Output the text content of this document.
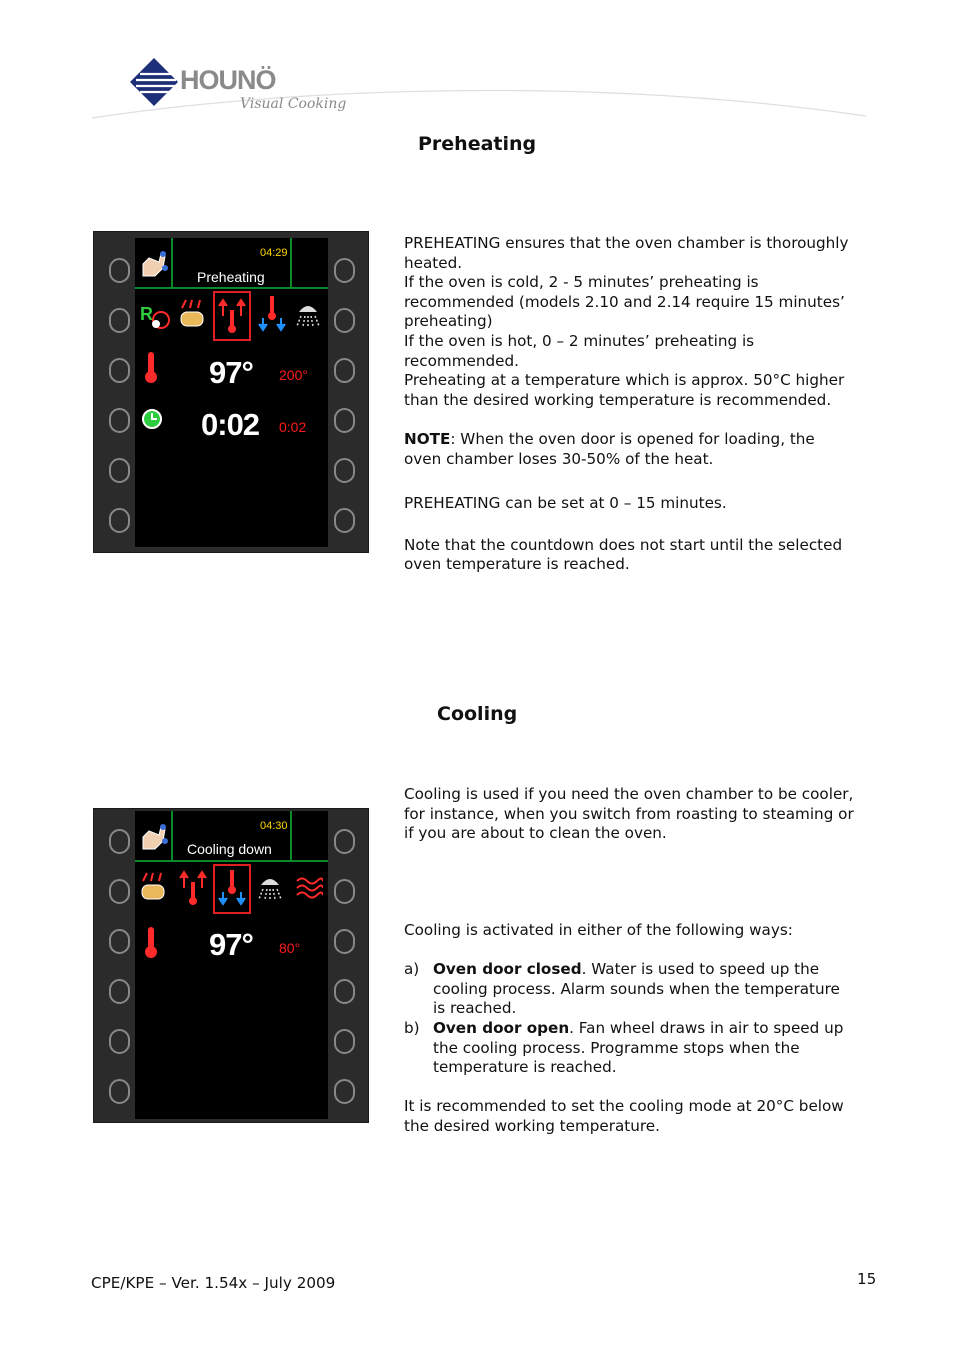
HOUNÖ
Visual Cooking
Preheating
04:29
Preheating
R
97° 200°
0:02 0:02

PREHEATING ensures that the oven chamber is thoroughly heated.

If the oven is cold, 2 - 5 minutes’ preheating is recommended (models 2.10 and 2.14 require 15 minutes’ preheating)

If the oven is hot, 0 – 2 minutes’ preheating is recommended.

Preheating at a temperature which is approx. 50°C higher than the desired working temperature is recommended.

NOTE: When the oven door is opened for loading, the oven chamber loses 30-50% of the heat.

PREHEATING can be set at 0 – 15 minutes.

Note that the countdown does not start until the selected oven temperature is reached.

Cooling
04:30
Cooling down
97° 80°
Cooling is used if you need the oven chamber to be cooler, for instance, when you switch from roasting to steaming or if you are about to clean the oven.

Cooling is activated in either of the following ways:

a) Oven door closed. Water is used to speed up the cooling process. Alarm sounds when the temperature is reached.
b) Oven door open. Fan wheel draws in air to speed up the cooling process. Programme stops when the temperature is reached.

It is recommended to set the cooling mode at 20°C below the desired working temperature.

CPE/KPE – Ver. 1.54x – July 2009	15
